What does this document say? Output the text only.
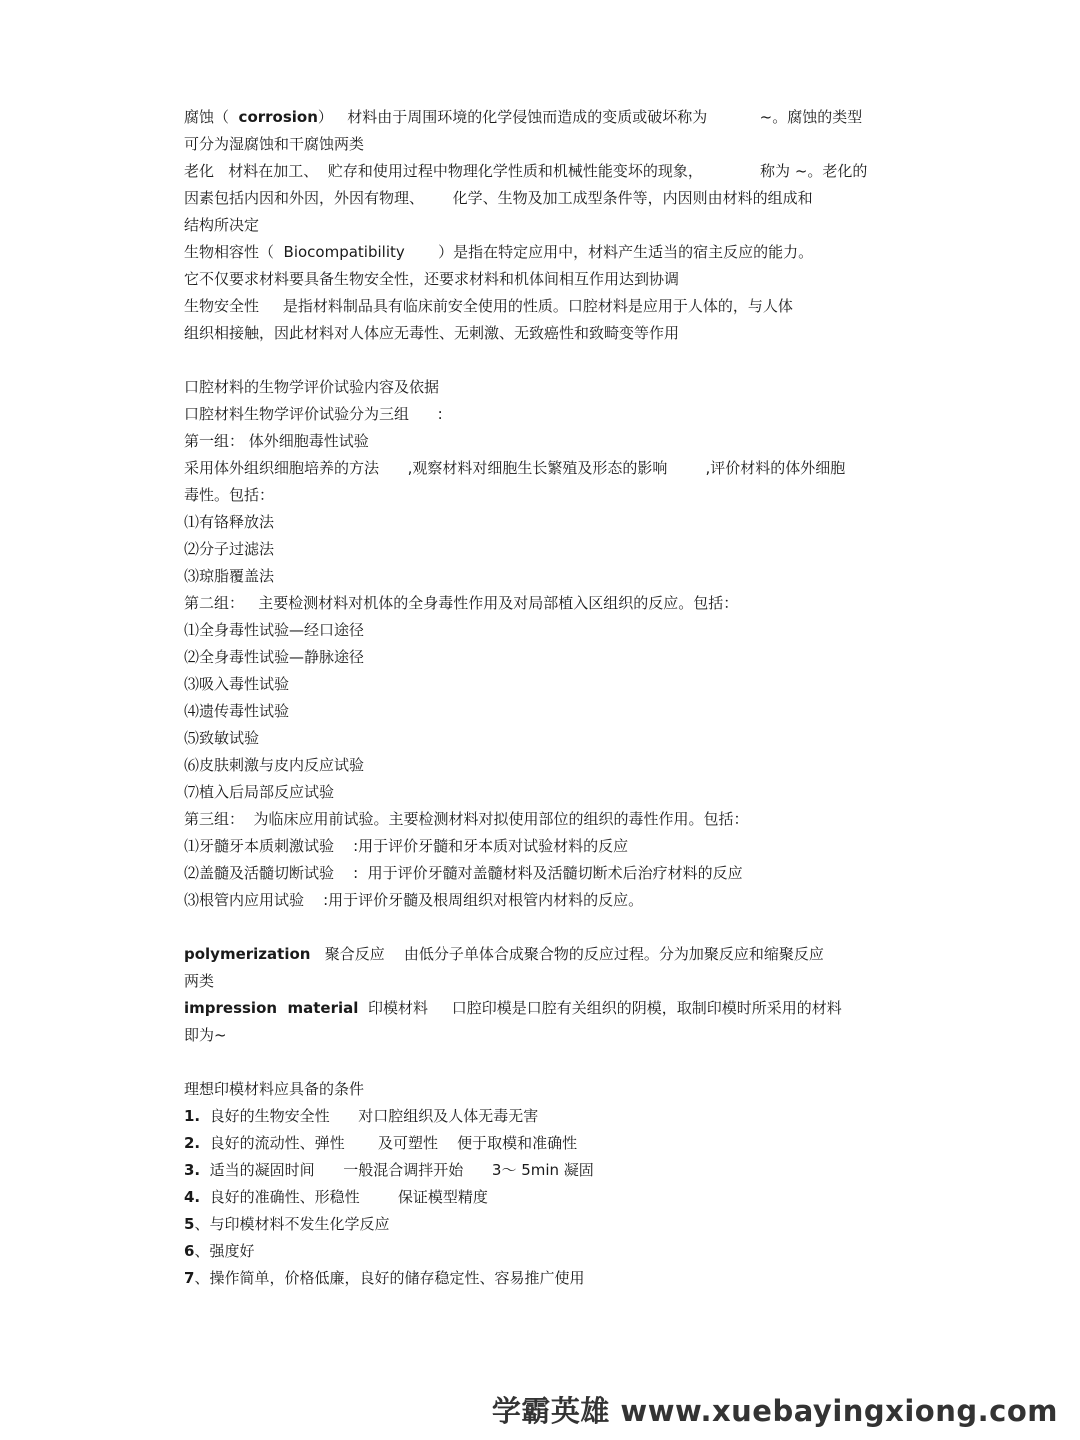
腐蚀（  corrosion）   材料由于周围环境的化学侵蚀而造成的变质或破坏称为           ~。腐蚀的类型
可分为湿腐蚀和干腐蚀两类
老化   材料在加工、  贮存和使用过程中物理化学性质和机械性能变坏的现象，            称为 ~。老化的
因素包括内因和外因，外因有物理、      化学、生物及加工成型条件等，内因则由材料的组成和
结构所决定
生物相容性（  Biocompatibility       ）是指在特定应用中，材料产生适当的宿主反应的能力。
它不仅要求材料要具备生物安全性，还要求材料和机体间相互作用达到协调
生物安全性     是指材料制品具有临床前安全使用的性质。口腔材料是应用于人体的，与人体
组织相接触，因此材料对人体应无毒性、无刺激、无致癌性和致畸变等作用
口腔材料的生物学评价试验内容及依据
口腔材料生物学评价试验分为三组      :
第一组： 体外细胞毒性试验
采用体外组织细胞培养的方法      ,观察材料对细胞生长繁殖及形态的影响        ,评价材料的体外细胞
毒性。包括：
⑴有铬释放法
⑵分子过滤法
⑶琼脂覆盖法
第二组：   主要检测材料对机体的全身毒性作用及对局部植入区组织的反应。包括：
⑴全身毒性试验—经口途径
⑵全身毒性试验—静脉途径
⑶吸入毒性试验
⑷遗传毒性试验
⑸致敏试验
⑹皮肤刺激与皮内反应试验
⑺植入后局部反应试验
第三组：  为临床应用前试验。主要检测材料对拟使用部位的组织的毒性作用。包括：
⑴牙髓牙本质刺激试验    :用于评价牙髓和牙本质对试验材料的反应
⑵盖髓及活髓切断试验    :  用于评价牙髓对盖髓材料及活髓切断术后治疗材料的反应
⑶根管内应用试验    :用于评价牙髓及根周组织对根管内材料的反应。
polymerization   聚合反应    由低分子单体合成聚合物的反应过程。分为加聚反应和缩聚反应
两类
impression  material  印模材料     口腔印模是口腔有关组织的阴模，取制印模时所采用的材料
即为~
理想印模材料应具备的条件
1.  良好的生物安全性      对口腔组织及人体无毒无害
2.  良好的流动性、弹性       及可塑性    便于取模和准确性
3.  适当的凝固时间      一般混合调拌开始      3～ 5min 凝固
4.  良好的准确性、形稳性        保证模型精度
5、与印模材料不发生化学反应
6、强度好
7、操作简单，价格低廉，良好的储存稳定性、容易推广使用
学霸英雄 www.xuebayingxiong.com
